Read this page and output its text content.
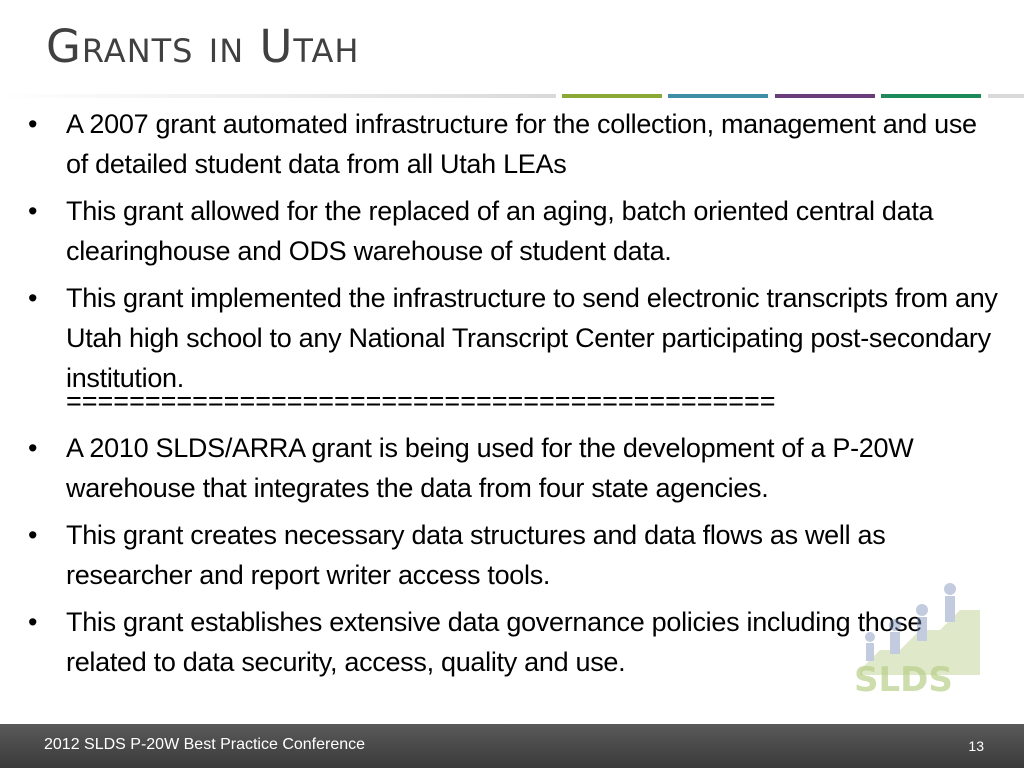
Grants in Utah
• A 2007 grant automated infrastructure for the collection, management and use of detailed student data from all Utah LEAs
• This grant allowed for the replaced of an aging, batch oriented central data clearinghouse and ODS warehouse of student data.
• This grant implemented the infrastructure to send electronic transcripts from any Utah high school to any National Transcript Center participating post-secondary institution.
=============================================
• A 2010 SLDS/ARRA grant is being used for the development of a P-20W warehouse that integrates the data from four state agencies.
• This grant creates necessary data structures and data flows as well as researcher and report writer access tools.
• This grant establishes extensive data governance policies including those related to data security, access, quality and use.	SLDS
2012 SLDS P-20W Best Practice Conference	13
